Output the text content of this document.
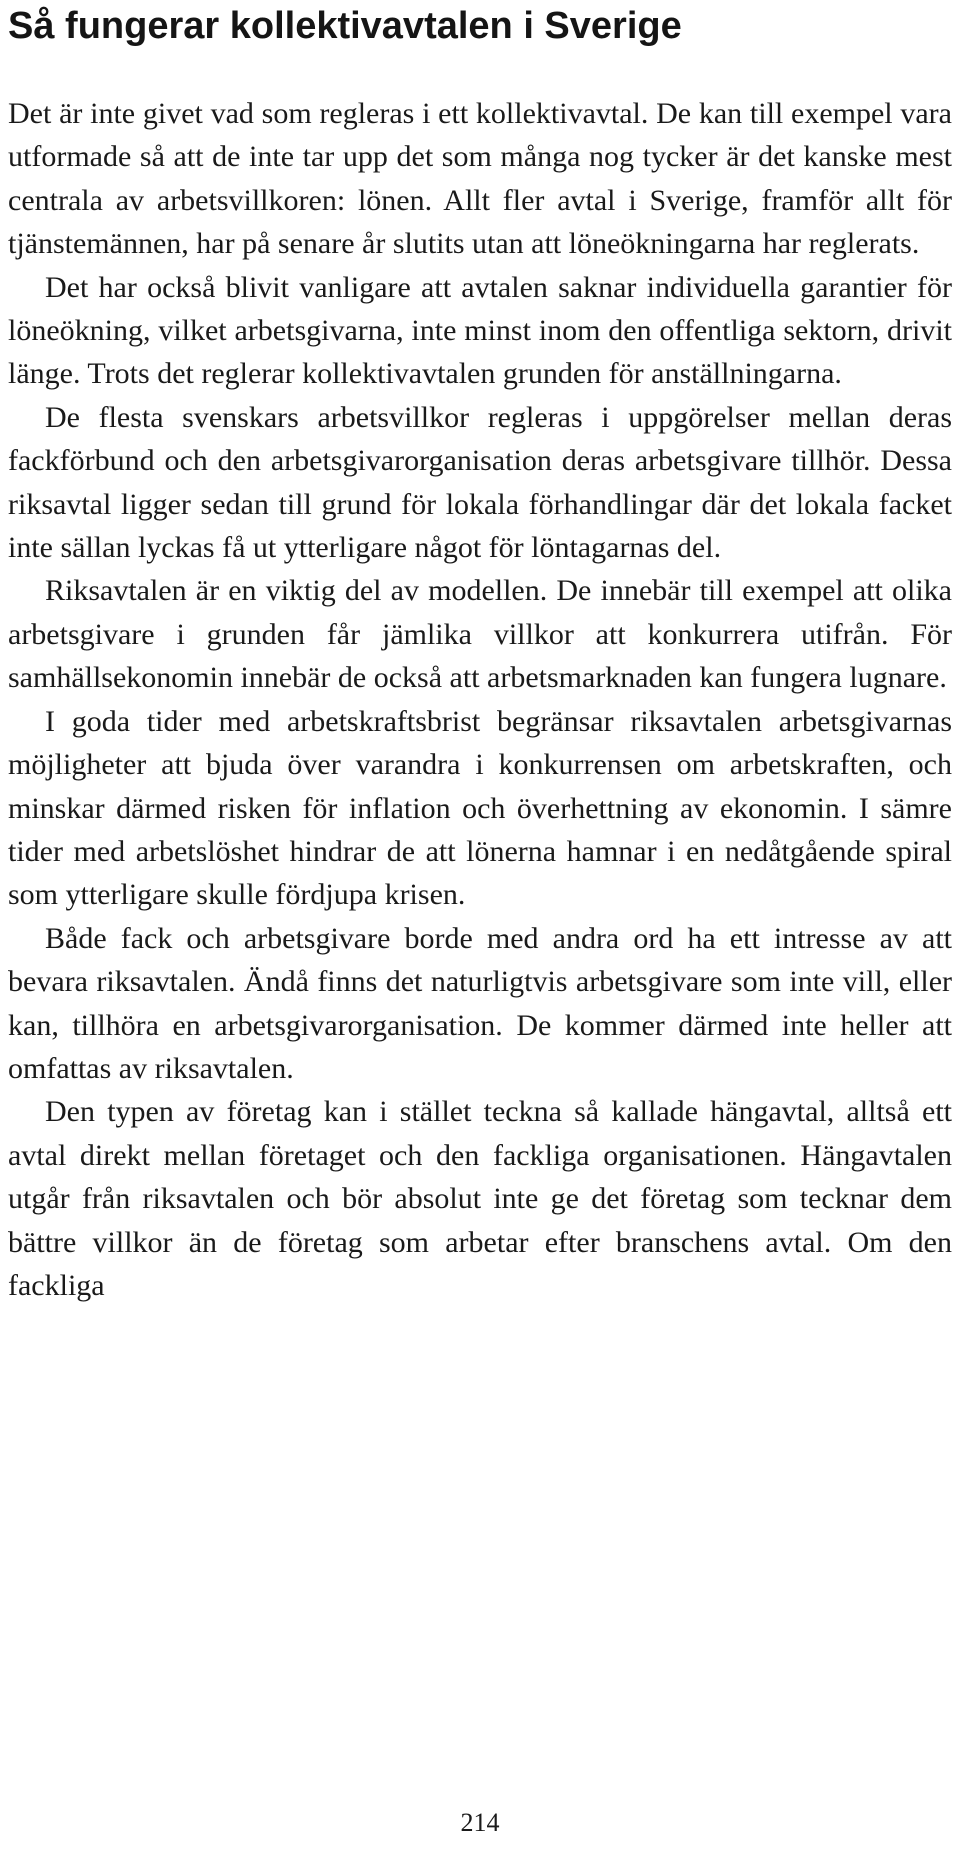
Så fungerar kollektivavtalen i Sverige

Det är inte givet vad som regleras i ett kollektivavtal. De kan till exempel vara utformade så att de inte tar upp det som många nog tycker är det kanske mest centrala av arbetsvillkoren: lönen. Allt fler avtal i Sverige, framför allt för tjänstemännen, har på senare år slutits utan att löneökningarna har reglerats.

Det har också blivit vanligare att avtalen saknar individuella garantier för löneökning, vilket arbetsgivarna, inte minst inom den offentliga sektorn, drivit länge. Trots det reglerar kollektivavtalen grunden för anställningarna.

De flesta svenskars arbetsvillkor regleras i uppgörelser mellan deras fackförbund och den arbetsgivarorganisation deras arbetsgivare tillhör. Dessa riksavtal ligger sedan till grund för lokala förhandlingar där det lokala facket inte sällan lyckas få ut ytterligare något för löntagarnas del.

Riksavtalen är en viktig del av modellen. De innebär till exempel att olika arbetsgivare i grunden får jämlika villkor att konkurrera utifrån. För samhällsekonomin innebär de också att arbetsmarknaden kan fungera lugnare.

I goda tider med arbetskraftsbrist begränsar riksavtalen arbetsgivarnas möjligheter att bjuda över varandra i konkurrensen om arbetskraften, och minskar därmed risken för inflation och överhettning av ekonomin. I sämre tider med arbetslöshet hindrar de att lönerna hamnar i en nedåtgående spiral som ytterligare skulle fördjupa krisen.

Både fack och arbetsgivare borde med andra ord ha ett intresse av att bevara riksavtalen. Ändå finns det naturligtvis arbetsgivare som inte vill, eller kan, tillhöra en arbetsgivarorganisation. De kommer därmed inte heller att omfattas av riksavtalen.

Den typen av företag kan i stället teckna så kallade hängavtal, alltså ett avtal direkt mellan företaget och den fackliga organisationen. Hängavtalen utgår från riksavtalen och bör absolut inte ge det företag som tecknar dem bättre villkor än de företag som arbetar efter branschens avtal. Om den fackliga

214
